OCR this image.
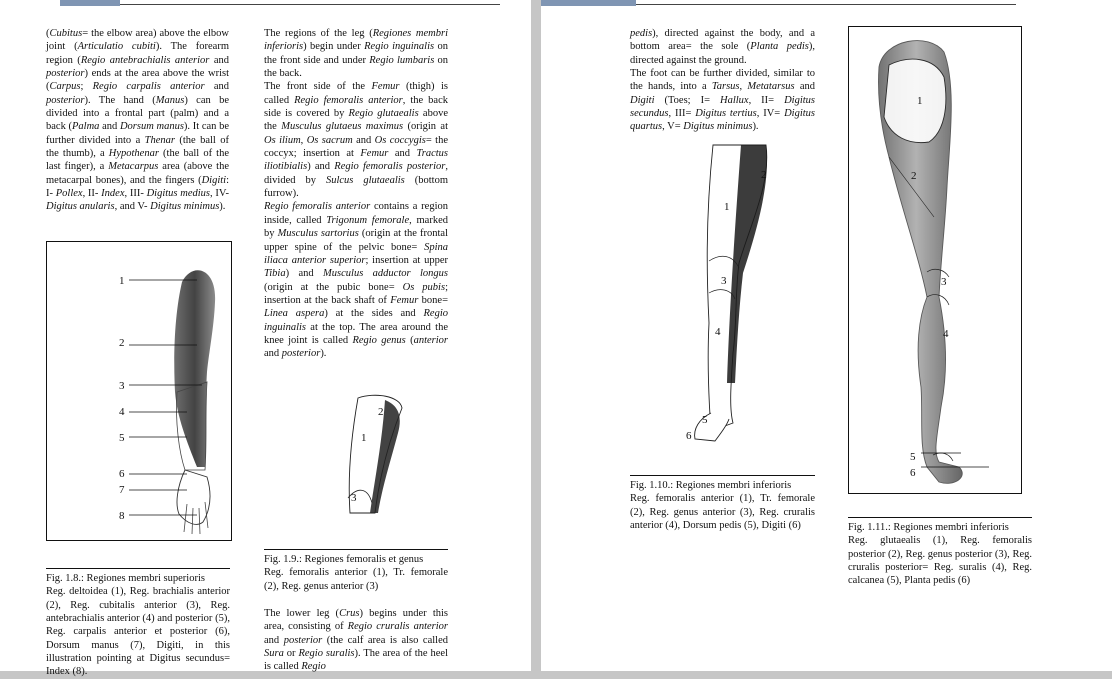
(Cubitus= the elbow area) above the elbow joint (Articulatio cubiti). The forearm region (Regio antebrachialis anterior and posterior) ends at the area above the wrist (Carpus; Regio carpalis anterior and posterior). The hand (Manus) can be divided into a frontal part (palm) and a back (Palma and Dorsum manus). It can be further divided into a Thenar (the ball of the thumb), a Hypothenar (the ball of the last finger), a Metacarpus area (above the metacarpal bones), and the fingers (Digiti: I- Pollex, II- Index, III- Digitus medius, IV- Digitus anularis, and V- Digitus minimus).

1
2
3
4
5
6
7
8
Fig. 1.8.: Regiones membri superioris
Reg. deltoidea (1), Reg. brachialis anterior (2), Reg. cubitalis anterior (3), Reg. antebrachialis anterior (4) and posterior (5), Reg. carpalis anterior et posterior (6), Dorsum manus (7), Digiti, in this illustration pointing at Digitus secundus= Index (8).

The regions of the leg (Regiones membri inferioris) begin under Regio inguinalis on the front side and under Regio lumbaris on the back.

The front side of the Femur (thigh) is called Regio femoralis anterior, the back side is covered by Regio glutaealis above the Musculus glutaeus maximus (origin at Os ilium, Os sacrum and Os coccygis= the coccyx; insertion at Femur and Tractus iliotibialis) and Regio femoralis posterior, divided by Sulcus glutaealis (bottom furrow).

Regio femoralis anterior contains a region inside, called Trigonum femorale, marked by Musculus sartorius (origin at the frontal upper spine of the pelvic bone= Spina iliaca anterior superior; insertion at upper Tibia) and Musculus adductor longus (origin at the pubic bone= Os pubis; insertion at the back shaft of Femur bone= Linea aspera) at the sides and Regio inguinalis at the top. The area around the knee joint is called Regio genus (anterior and posterior).

2
1
3
Fig. 1.9.: Regiones femoralis et genus
Reg. femoralis anterior (1), Tr. femorale (2), Reg. genus anterior (3)

The lower leg (Crus) begins under this area, consisting of Regio cruralis anterior and posterior (the calf area is also called Sura or Regio suralis). The area of the heel is called Regio

pedis), directed against the body, and a bottom area= the sole (Planta pedis), directed against the ground.

The foot can be further divided, similar to the hands, into a Tarsus, Metatarsus and Digiti (Toes; I= Hallux, II= Digitus secundus, III= Digitus tertius, IV= Digitus quartus, V= Digitus minimus).

2
1
3
4
5
6
Fig. 1.10.: Regiones membri inferioris
Reg. femoralis anterior (1), Tr. femorale (2), Reg. genus anterior (3), Reg. cruralis anterior (4), Dorsum pedis (5), Digiti (6)
1
2
3
4
5
6
Fig. 1.11.: Regiones membri inferioris
Reg. glutaealis (1), Reg. femoralis posterior (2), Reg. genus posterior (3), Reg. cruralis posterior= Reg. suralis (4), Reg. calcanea (5), Planta pedis (6)
